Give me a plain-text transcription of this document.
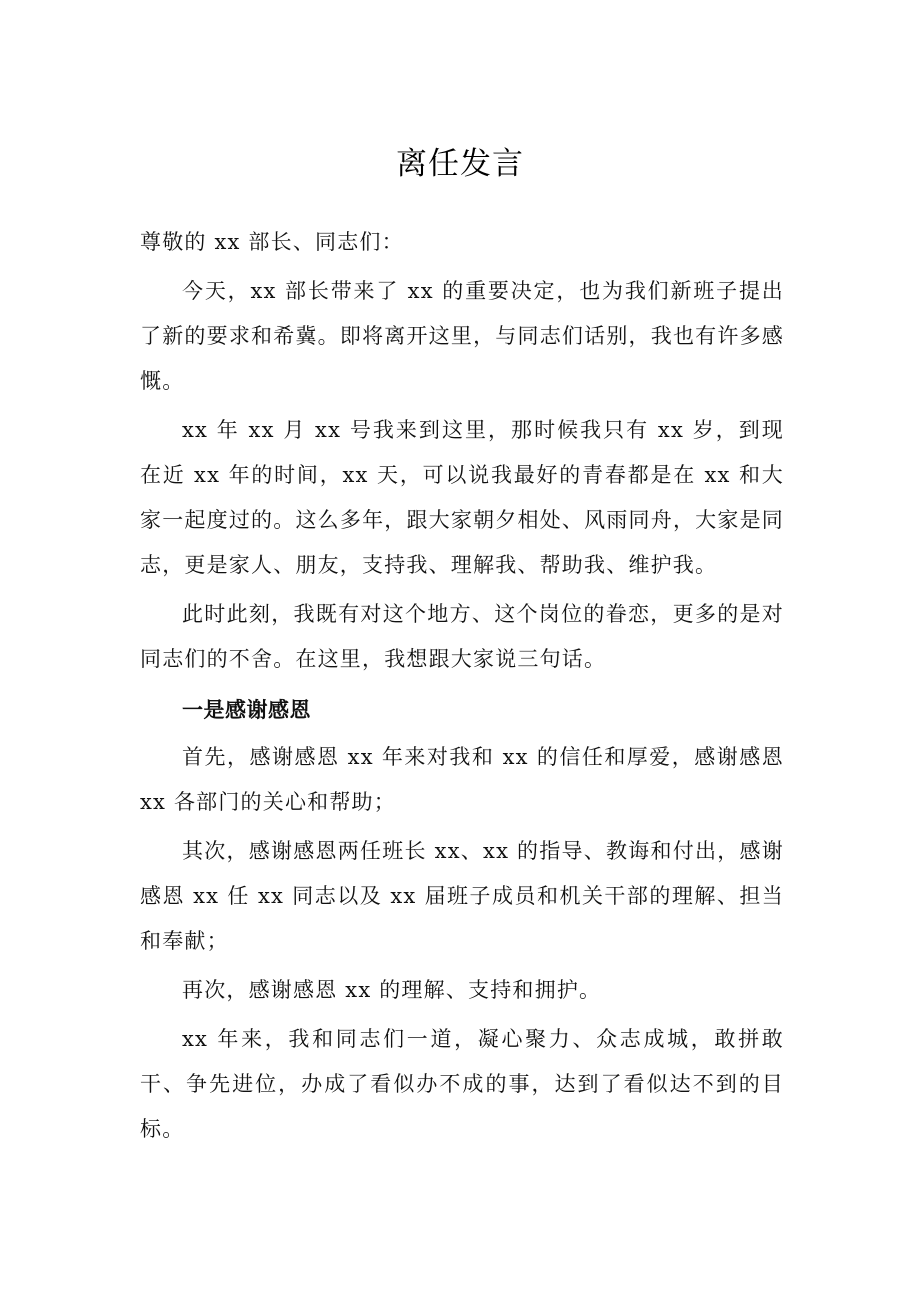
离任发言

尊敬的 xx 部长、同志们：

今天，xx 部长带来了 xx 的重要决定，也为我们新班子提出了新的要求和希冀。即将离开这里，与同志们话别，我也有许多感慨。

xx 年 xx 月 xx 号我来到这里，那时候我只有 xx 岁，到现在近 xx 年的时间，xx 天，可以说我最好的青春都是在 xx 和大家一起度过的。这么多年，跟大家朝夕相处、风雨同舟，大家是同志，更是家人、朋友，支持我、理解我、帮助我、维护我。

此时此刻，我既有对这个地方、这个岗位的眷恋，更多的是对同志们的不舍。在这里，我想跟大家说三句话。

一是感谢感恩

首先，感谢感恩 xx 年来对我和 xx 的信任和厚爱，感谢感恩 xx 各部门的关心和帮助；

其次，感谢感恩两任班长 xx、xx 的指导、教诲和付出，感谢感恩 xx 任 xx 同志以及 xx 届班子成员和机关干部的理解、担当和奉献；

再次，感谢感恩 xx 的理解、支持和拥护。

xx 年来，我和同志们一道，凝心聚力、众志成城，敢拼敢干、争先进位，办成了看似办不成的事，达到了看似达不到的目标。
